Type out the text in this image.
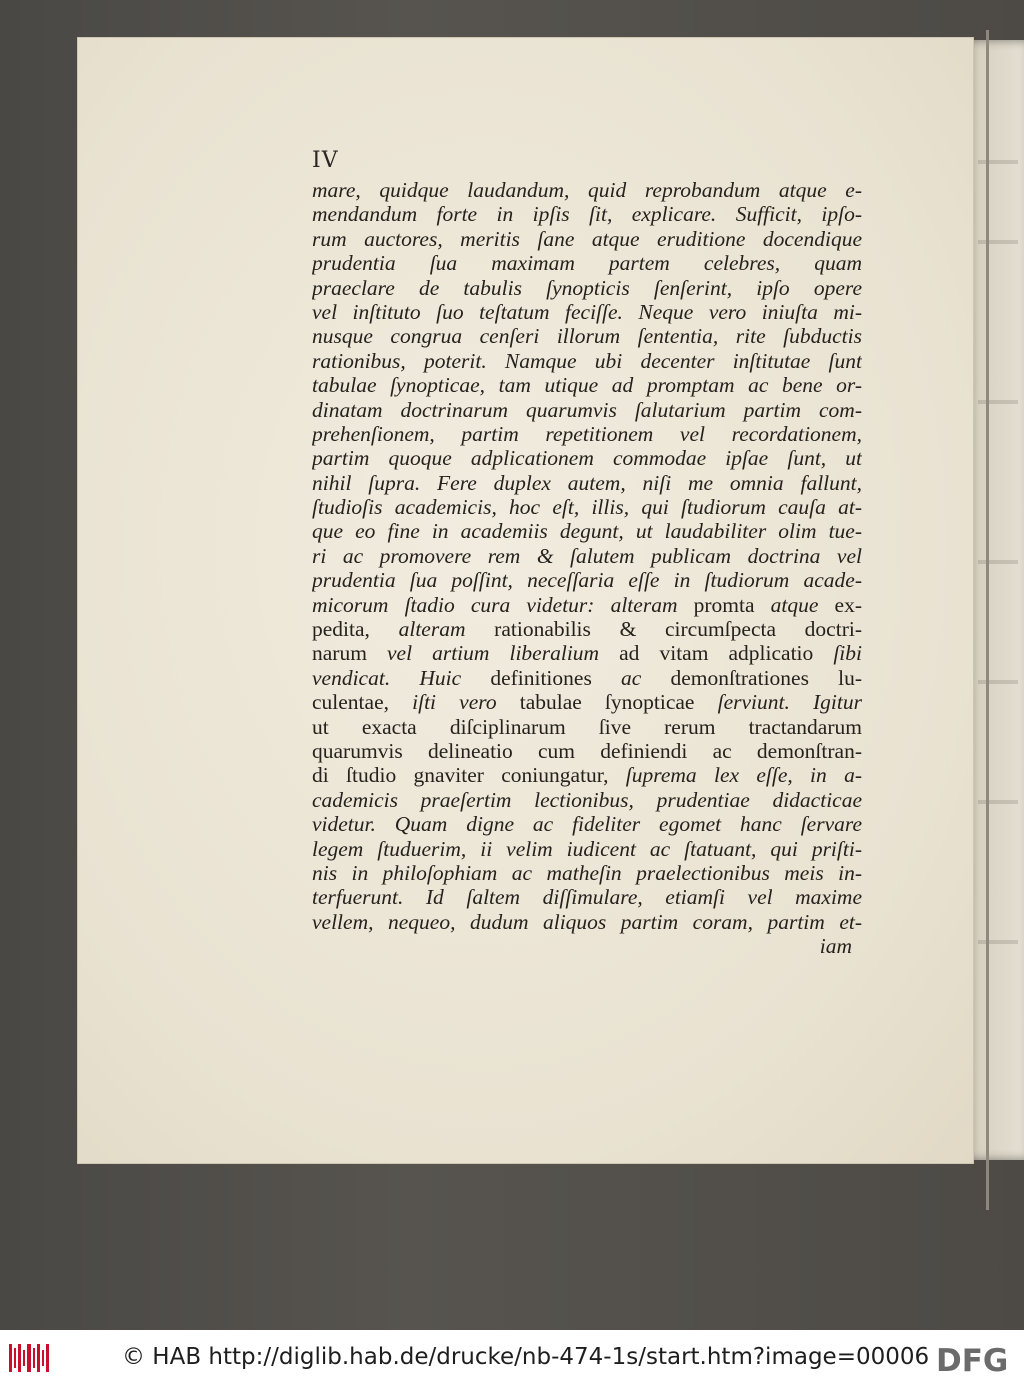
IV
mare, quidque laudandum, quid reprobandum atque e-
mendandum forte in ipſis ſit, explicare. Sufficit, ipſo-
rum auctores, meritis ſane atque eruditione docendique
prudentia ſua maximam partem celebres, quam
praeclare de tabulis ſynopticis ſenſerint, ipſo opere
vel inſtituto ſuo teſtatum feciſſe. Neque vero iniuſta mi-
nusque congrua cenſeri illorum ſententia, rite ſubductis
rationibus, poterit. Namque ubi decenter inſtitutae ſunt
tabulae ſynopticae, tam utique ad promptam ac bene or-
dinatam doctrinarum quarumvis ſalutarium partim com-
prehenſionem, partim repetitionem vel recordationem,
partim quoque adplicationem commodae ipſae ſunt, ut
nihil ſupra. Fere duplex autem, niſi me omnia fallunt,
ſtudioſis academicis, hoc eſt, illis, qui ſtudiorum cauſa at-
que eo fine in academiis degunt, ut laudabiliter olim tue-
ri ac promovere rem & ſalutem publicam doctrina vel
prudentia ſua poſſint, neceſſaria eſſe in ſtudiorum acade-
micorum ſtadio cura videtur: alteram promta atque ex-
pedita, alteram rationabilis & circumſpecta doctri-
narum vel artium liberalium ad vitam adplicatio ſibi
vendicat. Huic definitiones ac demonſtrationes lu-
culentae, iſti vero tabulae ſynopticae ſerviunt. Igitur
ut exacta diſciplinarum ſive rerum tractandarum
quarumvis delineatio cum definiendi ac demonſtran-
di ſtudio gnaviter coniungatur, ſuprema lex eſſe, in a-
cademicis praeſertim lectionibus, prudentiae didacticae
videtur. Quam digne ac fideliter egomet hanc ſervare
legem ſtuduerim, ii velim iudicent ac ſtatuant, qui priſti-
nis in philoſophiam ac matheſin praelectionibus meis in-
terfuerunt. Id ſaltem diſſimulare, etiamſi vel maxime
vellem, nequeo, dudum aliquos partim coram, partim et-
iam
© HAB http://diglib.hab.de/drucke/nb-474-1s/start.htm?image=00006 DFG
